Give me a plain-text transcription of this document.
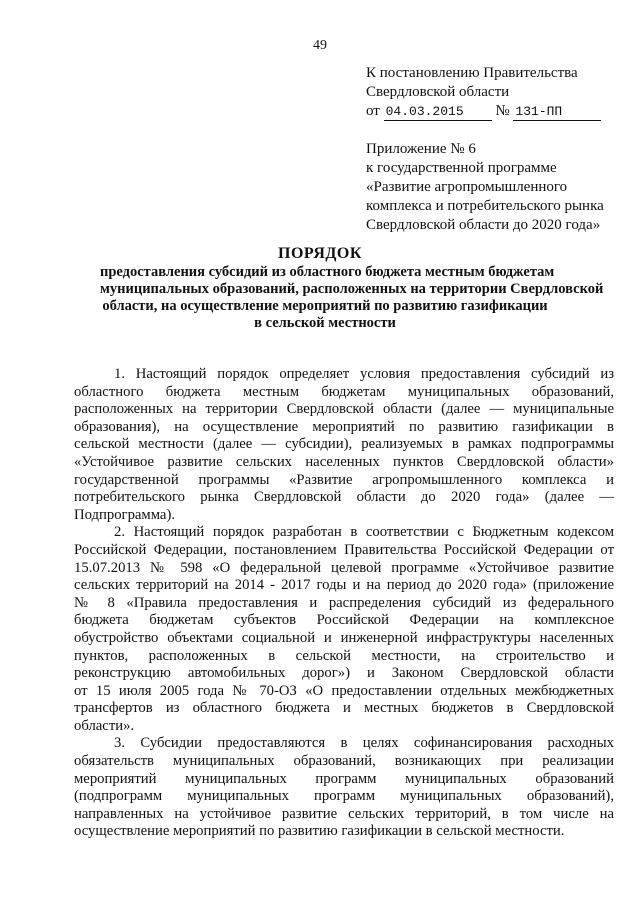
49
К постановлению Правительства
Свердловской области
от 04.03.2015 № 131-ПП
Приложение № 6
к государственной программе
«Развитие агропромышленного
комплекса и потребительского рынка
Свердловской области до 2020 года»
ПОРЯДОК
предоставления субсидий из областного бюджета местным бюджетам
муниципальных образований, расположенных на территории Свердловской
области, на осуществление мероприятий по развитию газификации
в сельской местности
1. Настоящий порядок определяет условия предоставления субсидий из
областного бюджета местным бюджетам муниципальных образований,
расположенных на территории Свердловской области (далее — муниципальные
образования), на осуществление мероприятий по развитию газификации в
сельской местности (далее — субсидии), реализуемых в рамках подпрограммы
«Устойчивое развитие сельских населенных пунктов Свердловской области»
государственной программы «Развитие агропромышленного комплекса и
потребительского рынка Свердловской области до 2020 года» (далее —
Подпрограмма).
2. Настоящий порядок разработан в соответствии с Бюджетным кодексом
Российской Федерации, постановлением Правительства Российской Федерации от
15.07.2013 № 598 «О федеральной целевой программе «Устойчивое развитие
сельских территорий на 2014 - 2017 годы и на период до 2020 года» (приложение
№ 8 «Правила предоставления и распределения субсидий из федерального
бюджета бюджетам субъектов Российской Федерации на комплексное
обустройство объектами социальной и инженерной инфраструктуры населенных
пунктов, расположенных в сельской местности, на строительство и
реконструкцию автомобильных дорог») и Законом Свердловской области
от 15 июля 2005 года № 70-ОЗ «О предоставлении отдельных межбюджетных
трансфертов из областного бюджета и местных бюджетов в Свердловской
области».
3. Субсидии предоставляются в целях софинансирования расходных
обязательств муниципальных образований, возникающих при реализации
мероприятий муниципальных программ муниципальных образований
(подпрограмм муниципальных программ муниципальных образований),
направленных на устойчивое развитие сельских территорий, в том числе на
осуществление мероприятий по развитию газификации в сельской местности.
